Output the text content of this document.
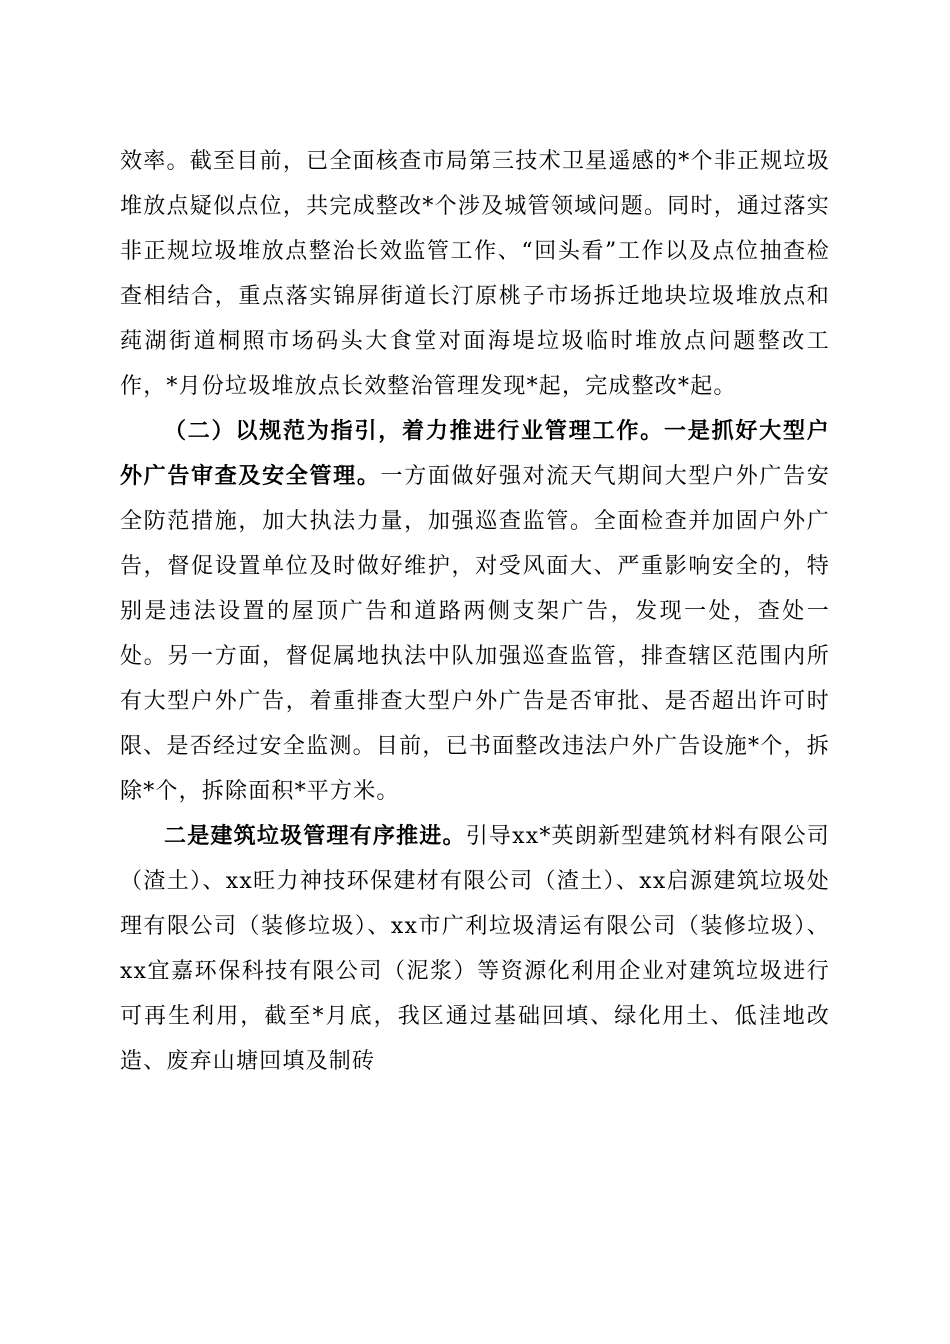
效率。截至目前，已全面核查市局第三技术卫星遥感的*个非正规垃圾堆放点疑似点位，共完成整改*个涉及城管领域问题。同时，通过落实非正规垃圾堆放点整治长效监管工作、“回头看”工作以及点位抽查检查相结合，重点落实锦屏街道长汀原桃子市场拆迁地块垃圾堆放点和莼湖街道桐照市场码头大食堂对面海堤垃圾临时堆放点问题整改工作，*月份垃圾堆放点长效整治管理发现*起，完成整改*起。

（二）以规范为指引，着力推进行业管理工作。一是抓好大型户外广告审查及安全管理。一方面做好强对流天气期间大型户外广告安全防范措施，加大执法力量，加强巡查监管。全面检查并加固户外广告，督促设置单位及时做好维护，对受风面大、严重影响安全的，特别是违法设置的屋顶广告和道路两侧支架广告，发现一处，查处一处。另一方面，督促属地执法中队加强巡查监管，排查辖区范围内所有大型户外广告，着重排查大型户外广告是否审批、是否超出许可时限、是否经过安全监测。目前，已书面整改违法户外广告设施*个，拆除*个，拆除面积*平方米。

二是建筑垃圾管理有序推进。引导xx*英朗新型建筑材料有限公司（渣土）、xx旺力神技环保建材有限公司（渣土）、xx启源建筑垃圾处理有限公司（装修垃圾）、xx市广利垃圾清运有限公司（装修垃圾）、xx宜嘉环保科技有限公司（泥浆）等资源化利用企业对建筑垃圾进行可再生利用，截至*月底，我区通过基础回填、绿化用土、低洼地改造、废弃山塘回填及制砖
